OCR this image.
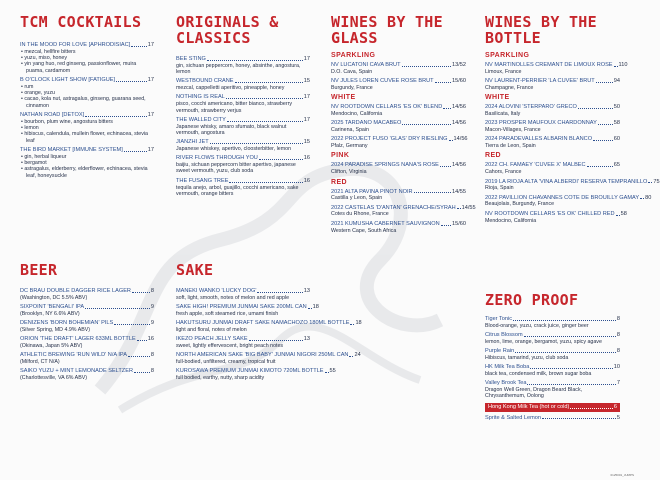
TCM COCKTAILS
IN THE MOOD FOR LOVE [APHRODISIAC]	17
• mezcal, hellfire bitters
• yuzu, miso, honey
• yin yang huo, red ginseng, passionflower, muira puama, cardamom
B O'CLOCK LIGHT SHOW [FATIGUE]	17
• rum
• orange, yuzu
• cacao, kola nut, astragalus, ginseng, guarana seed, cinnamon
NATHAN ROAD [DETOX]	17
• bourbon, plum wine, angostura bitters
• lemon
• hibiscus, calendula, mullein flower, echinacea, stevia leaf
THE BIRD MARKET [IMMUNE SYSTEM]	17
• gin, herbal liqueur
• bergamot
• astragalus, elderberry, elderflower, echinacea, stevia leaf, honeysuckle
BEER
DC BRAU DOUBLE DAGGER RICE LAGER	8
(Washington, DC 5.5% ABV)
SIXPOINT 'BENGALI' IPA	9
(Brooklyn, NY 6.6% ABV)
DENIZENS 'BORN BOHEMIAN' PILS	9
(Silver Spring, MD 4.9% ABV)
ORION 'THE DRAFT' LAGER 633ML BOTTLE 16
(Okinawa, Japan 5% ABV)
ATHLETIC BREWING 'RUN WILD' N/A IPA	8
(Milford, CT N/A)
SAIKO YUZU + MINT LEMONADE SELTZER	8
(Charlottesville, VA 6% ABV)
ORIGINALS & CLASSICS
BEE STING	17
gin, sichuan peppercorn, honey, absinthe, angostura, lemon
WESTBOUND CRANE	15
mezcal, cappelletti aperitivo, pineapple, honey
NOTHING IS REAL	17
pisco, cocchi americano, bitter bianco, strawberry vermouth, strawberry verjus
THE WALLED CITY	17
Japanese whisky, amaro sfumato, black walnut vermouth, angostura
JIANZHI JET	15
Japanese whiskey, apertivo, cloosterbitter, lemon
RIVER FLOWS THROUGH YOU	16
baijiu, sichuan peppercorn bitter apertivo, japanese sweet vermouth, yuzu, club soda
THE FUSANG TREE	16
tequila anejo, arbol, guajillo, cocchi americano, sake vermouth, orange bitters
SAKE
MANEKI WANKO 'LUCKY DOG'	13
soft, light, smooth, notes of melon and red apple
SAKE HIGH! PREMIUM JUNMAI SAKE 200ML CAN 18
fresh apple, soft steamed rice, umami finish
HAKUTSURU JUNMAI DRAFT SAKE NAMACHOZO 180ML BOTTLE 18
light and floral, notes of melon
IKEZO PEACH JELLY SAKE	13
sweet, lightly effervescent, bright peach notes
NORTH AMERICAN SAKE 'BIG BABY' JUNMAI NIGORI 250ML CAN 24
full-bodied, unfiltered, creamy, tropical fruit
KUROSAWA PREMIUM JUNMAI KIMOTO 720ML BOTTLE 55
full bodied, earthy, nutty, sharp acidity
WINES BY THE GLASS
SPARKLING
NV LUCATONI CAVA BRUT	13/52
D.O. Cava, Spain
NV JULES LOREN CUVEE ROSE BRUT	15/60
Burgundy, France
WHITE
NV ROOTDOWN CELLARS 'ES OK' BLEND 14/56
Mendocino, California
2025 TARDANO MACABEO	14/56
Carinena, Spain
2022 PROJECT FUSO 'GLAS' DRY RIESLING 14/56
Pfalz, Germany
PINK
2024 PARADISE SPRINGS NANA'S ROSE 14/56
Clifton, Virginia
RED
2021 ALTA PAVINA PINOT NOIR	14/55
Castilla y Leon, Spain
2022 CASTELAS 'D'ANTAN' GRENACHE/SYRAH 14/55
Cotes du Rhone, France
2021 KUMUSHA CABERNET SAUVIGNON 15/60
Western Cape, South Africa
WINES BY THE BOTTLE
SPARKLING
NV MARTINOLLES CREMANT DE LIMOUX ROSE 110
Limoux, France
NV LAURENT-PERRIER 'LA CUVEE' BRUT	94
Champagne, France
WHITE
2024 ALOVINI 'STERPARO' GRECO	50
Basilicata, Italy
2023 PROSPER MAUFOUX CHARDONNAY	58
Macon-Villages, France
2024 PARADEVALLES ALBARIN BLANCO	60
Tierra de Leon, Spain
RED
2022 CH. FAMAEY 'CUVEE X' MALBEC	65
Cahors, France
2019 LA RIOJA ALTA 'VINA ALBERDI' RESERVA TEMPRANILLO 75
Rioja, Spain
2022 PAVILLION CHAVANNES COTE DE BROUILLY GAMAY 80
Beaujolais, Burgundy, France
NV ROOTDOWN CELLARS 'ES OK' CHILLED RED 58
Mendocino, California
ZERO PROOF
Tiger Tonic	8
Blood-orange, yuzu, crack juice, ginger beer
Citrus Blossom	8
lemon, lime, orange, bergamot, yuzu, spicy agave
Purple Rain	8
Hibiscus, tamarind, yuzu, club soda
HK Milk Tea Boba	10
black tea, condensed milk, brown sugar boba
Valley Brook Tea	7
Dragon Well Green, Dragon Beard Black, Chrysanthemum, Oolong
Hong Kong Milk Tea (hot or cold)	6
Sprite & Salted Lemon	5
0125001_JUMPS
